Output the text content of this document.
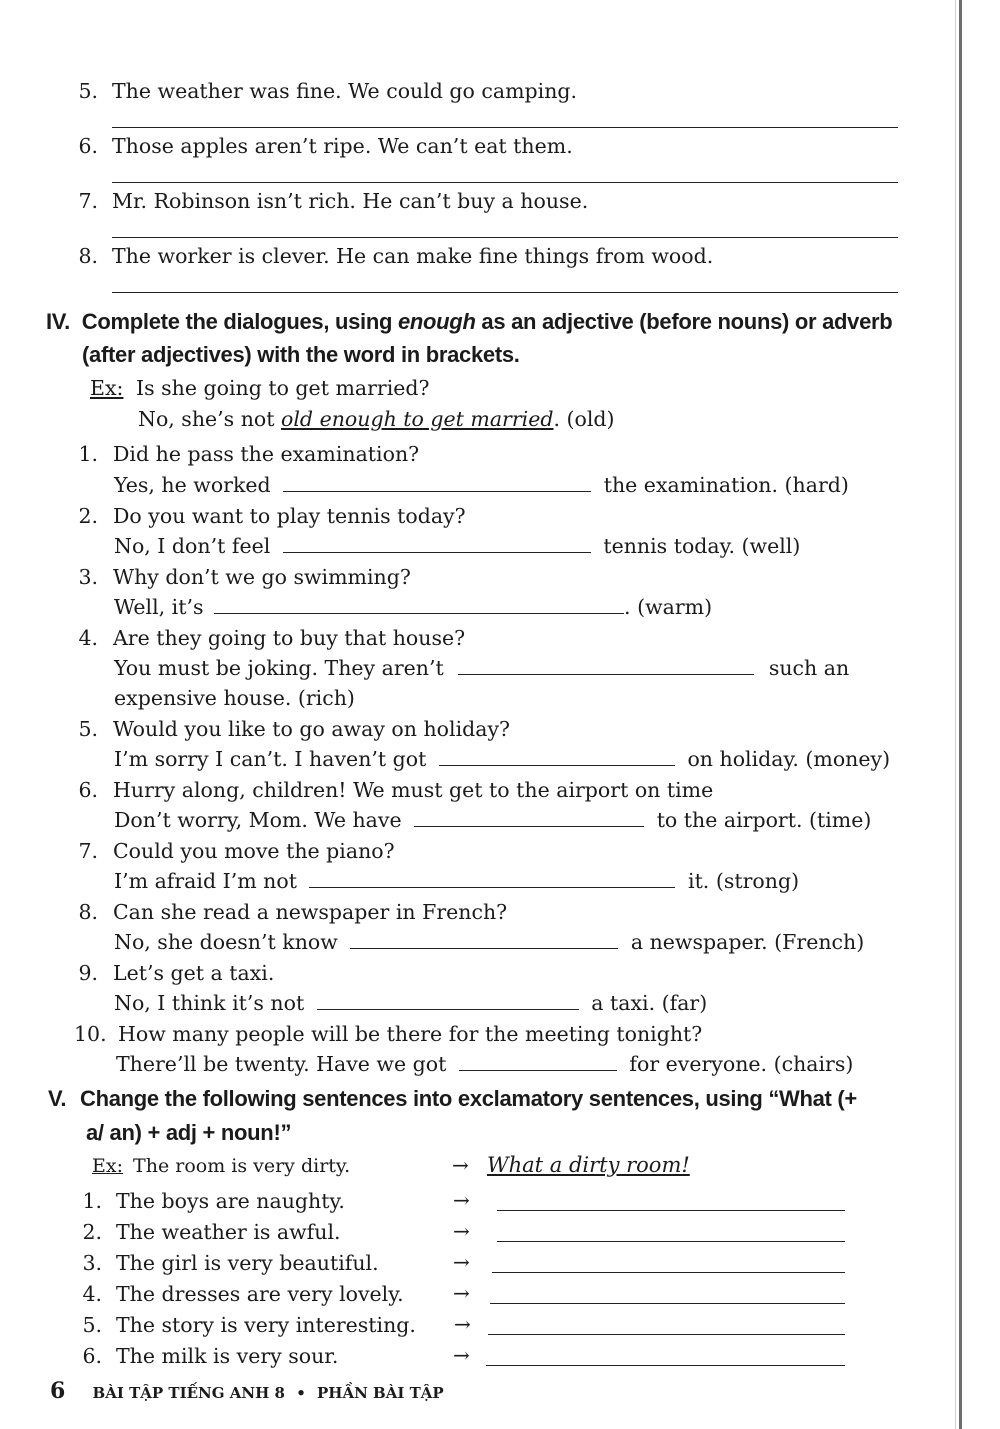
5. The weather was fine. We could go camping.
6. Those apples aren’t ripe. We can’t eat them.
7. Mr. Robinson isn’t rich. He can’t buy a house.
8. The worker is clever. He can make fine things from wood.
IV. Complete the dialogues, using enough as an adjective (before nouns) or adverb
(after adjectives) with the word in brackets.
Ex: Is she going to get married?
No, she’s not old enough to get married. (old)
1. Did he pass the examination?
Yes, he worked	the examination. (hard)
2. Do you want to play tennis today?
No, I don’t feel	tennis today. (well)
3. Why don’t we go swimming?
Well, it’s	. (warm)
4. Are they going to buy that house?
You must be joking. They aren’t	such an
expensive house. (rich)
5. Would you like to go away on holiday?
I’m sorry I can’t. I haven’t got	on holiday. (money)
6. Hurry along, children! We must get to the airport on time
Don’t worry, Mom. We have	to the airport. (time)
7. Could you move the piano?
I’m afraid I’m not	it. (strong)
8. Can she read a newspaper in French?
No, she doesn’t know	a newspaper. (French)
9. Let’s get a taxi.
No, I think it’s not	a taxi. (far)
10. How many people will be there for the meeting tonight?
There’ll be twenty. Have we got	for everyone. (chairs)
V. Change the following sentences into exclamatory sentences, using “What (+
a/ an) + adj + noun!”
Ex: The room is very dirty.	→ What a dirty room!
1. The boys are naughty.	→
2. The weather is awful.	→
3. The girl is very beautiful.	→
4. The dresses are very lovely. →
5. The story is very interesting. →
6. The milk is very sour.	→
6 BÀI TẬP TIẾNG ANH 8 • PHẦN BÀI TẬP
